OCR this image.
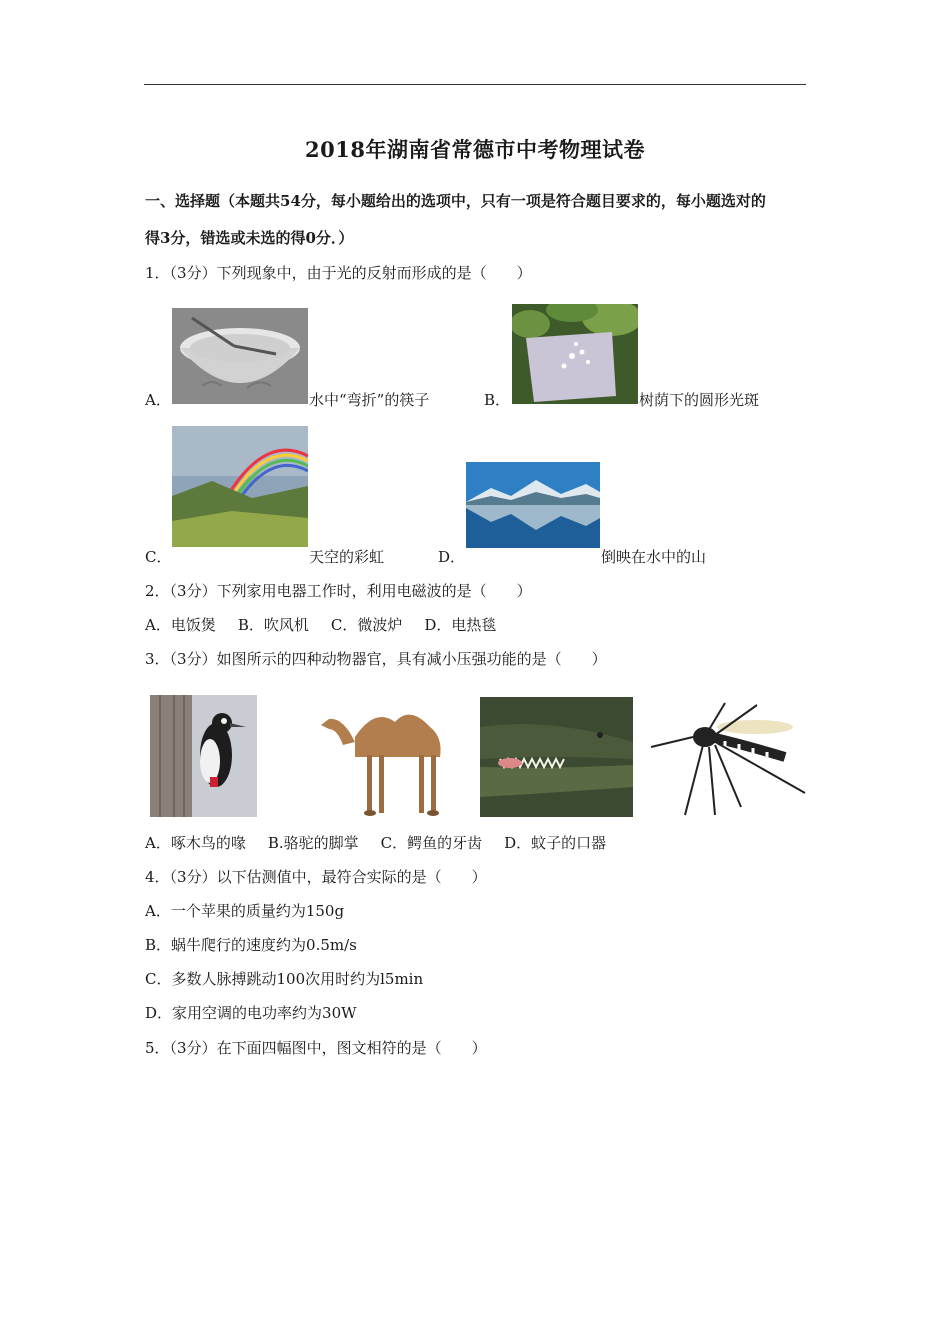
2018年湖南省常德市中考物理试卷
一、选择题（本题共54分，每小题给出的选项中，只有一项是符合题目要求的，每小题选对的
得3分，错选或未选的得0分．）
1．（3分）下列现象中，由于光的反射而形成的是（　　）
A．	水中“弯折”的筷子	B．	树荫下的圆形光斑
C．	天空的彩虹	D．	倒映在水中的山
2．（3分）下列家用电器工作时，利用电磁波的是（　　）
A．电饭煲 B．吹风机 C．微波炉 D．电热毯
3．（3分）如图所示的四种动物器官，具有减小压强功能的是（　　）
A．啄木鸟的喙 B.骆驼的脚掌 C．鳄鱼的牙齿 D．蚊子的口器
4．（3分）以下估测值中，最符合实际的是（　　）
A．一个苹果的质量约为150g
B．蜗牛爬行的速度约为0.5m/s
C．多数人脉搏跳动100次用时约为l5min
D．家用空调的电功率约为30W
5．（3分）在下面四幅图中，图文相符的是（　　）
